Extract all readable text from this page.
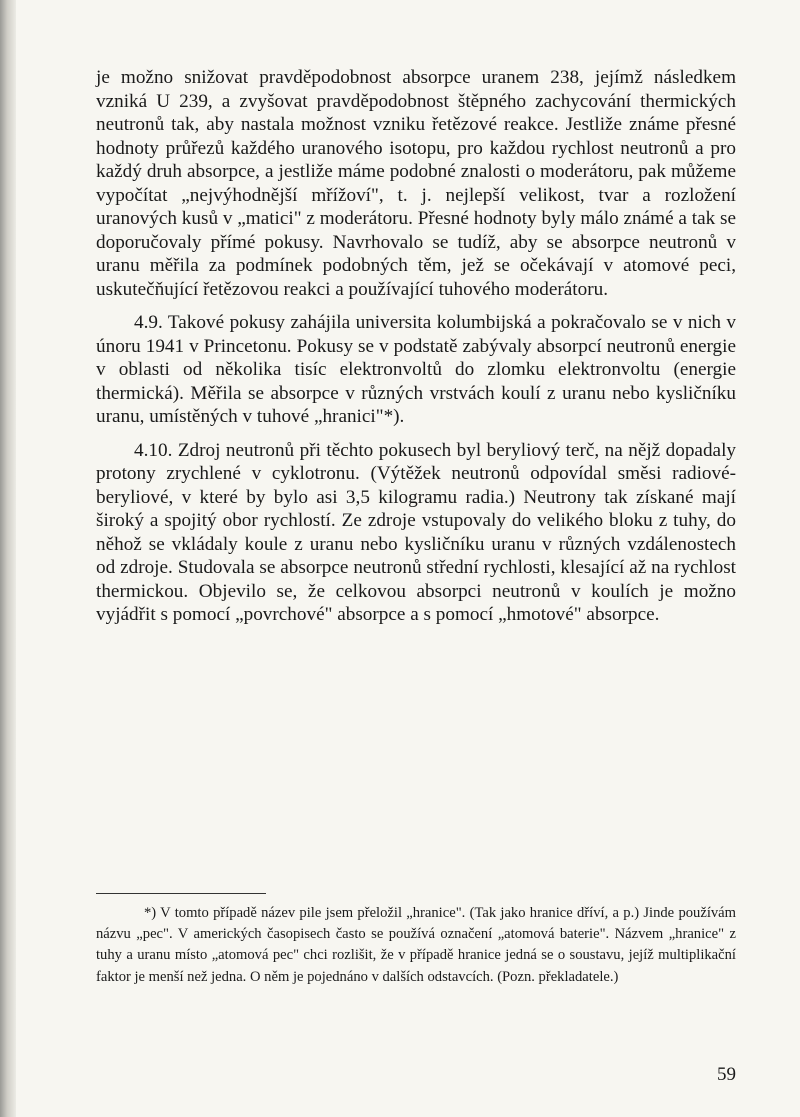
je možno snižovat pravděpodobnost absorpce uranem 238, jejímž následkem vzniká U 239, a zvyšovat pravděpodobnost štěpného zachycování thermických neutronů tak, aby nastala možnost vzniku řetězové reakce. Jestliže známe přesné hodnoty průřezů každého uranového isotopu, pro každou rychlost neutronů a pro každý druh absorpce, a jestliže máme podobné znalosti o moderátoru, pak můžeme vypočítat „nejvýhodnější mřížoví", t. j. nejlepší velikost, tvar a rozložení uranových kusů v „matici" z moderátoru. Přesné hodnoty byly málo známé a tak se doporučovaly přímé pokusy. Navrhovalo se tudíž, aby se absorpce neutronů v uranu měřila za podmínek podobných těm, jež se očekávají v atomové peci, uskutečňující řetězovou reakci a používající tuhového moderátoru.

4.9. Takové pokusy zahájila universita kolumbijská a pokračovalo se v nich v únoru 1941 v Princetonu. Pokusy se v podstatě zabývaly absorpcí neutronů energie v oblasti od několika tisíc elektronvoltů do zlomku elektronvoltu (energie thermická). Měřila se absorpce v různých vrstvách koulí z uranu nebo kysličníku uranu, umístěných v tuhové „hranici"*).

4.10. Zdroj neutronů při těchto pokusech byl beryliový terč, na nějž dopadaly protony zrychlené v cyklotronu. (Výtěžek neutronů odpovídal směsi radiové-beryliové, v které by bylo asi 3,5 kilogramu radia.) Neutrony tak získané mají široký a spojitý obor rychlostí. Ze zdroje vstupovaly do velikého bloku z tuhy, do něhož se vkládaly koule z uranu nebo kysličníku uranu v různých vzdálenostech od zdroje. Studovala se absorpce neutronů střední rychlosti, klesající až na rychlost thermickou. Objevilo se, že celkovou absorpci neutronů v koulích je možno vyjádřit s pomocí „povrchové" absorpce a s pomocí „hmotové" absorpce.

*) V tomto případě název pile jsem přeložil „hranice". (Tak jako hranice dříví, a p.) Jinde používám názvu „pec". V amerických časopisech často se používá označení „atomová baterie". Názvem „hranice" z tuhy a uranu místo „atomová pec" chci rozlišit, že v případě hranice jedná se o soustavu, jejíž multiplikační faktor je menší než jedna. O něm je pojednáno v dalších odstavcích. (Pozn. překladatele.)

59
